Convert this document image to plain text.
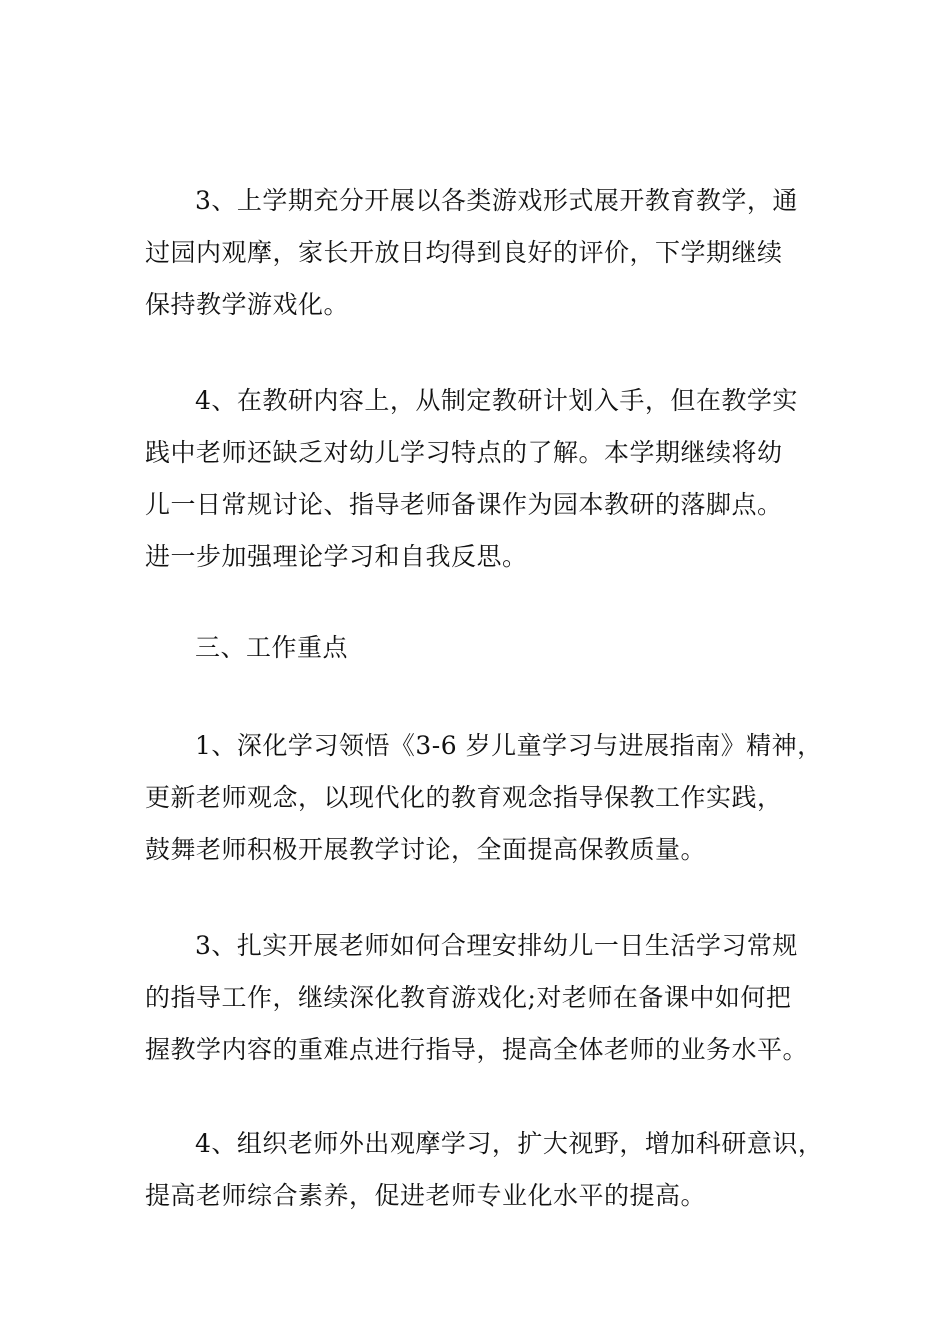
3、上学期充分开展以各类游戏形式展开教育教学，通
过园内观摩，家长开放日均得到良好的评价，下学期继续
保持教学游戏化。

4、在教研内容上，从制定教研计划入手，但在教学实
践中老师还缺乏对幼儿学习特点的了解。本学期继续将幼
儿一日常规讨论、指导老师备课作为园本教研的落脚点。
进一步加强理论学习和自我反思。

三、工作重点

1、深化学习领悟《3-6 岁儿童学习与进展指南》精神，
更新老师观念，以现代化的教育观念指导保教工作实践，
鼓舞老师积极开展教学讨论，全面提高保教质量。

3、扎实开展老师如何合理安排幼儿一日生活学习常规
的指导工作，继续深化教育游戏化;对老师在备课中如何把
握教学内容的重难点进行指导，提高全体老师的业务水平。

4、组织老师外出观摩学习，扩大视野，增加科研意识，
提高老师综合素养，促进老师专业化水平的提高。
